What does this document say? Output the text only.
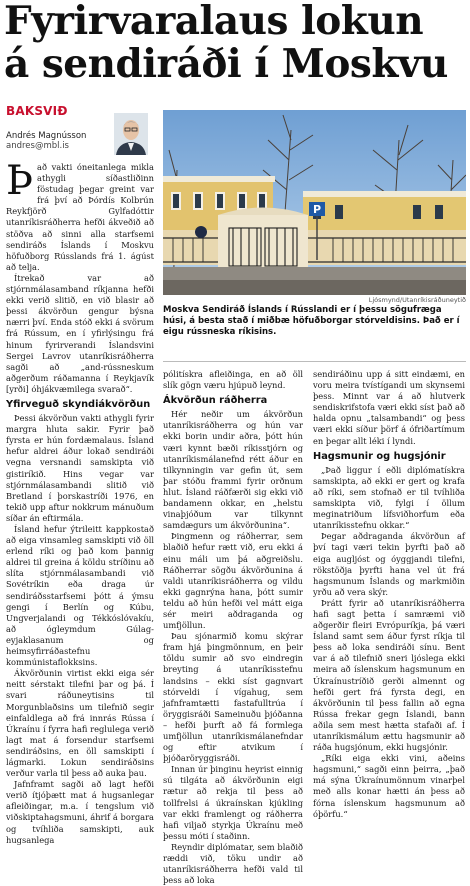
Fyrirvaralaus lokun
á sendiráði í Moskvu
BAKSVIÐ
Andrés Magnússon
andres@mbl.is

Það vakti óneitanlega mikla athygli síðastliðinn föstudag þegar greint var frá því að Þórdís Kolbrún Reykfjörð Gylfadóttir utanríkisráðherra hefði ákveðið að stöðva að sinni alla starfsemi sendiráðs Íslands í Moskvu höfuðborg Rússlands frá 1. ágúst að telja.

Ítrekað var að stjórnmálasamband ríkjanna hefði ekki verið slitið, en við blasir að þessi ákvörðun gengur býsna nærri því. Enda stóð ekki á svörum frá Rússum, en í yfirlýsingu frá hinum fyrirverandi Íslandsvini Sergei Lavrov utanríkisráðherra sagði að „and-rússneskum aðgerðum ráðamanna í Reykjavík [yrði] óhjákvæmilega svarað“.

Yfirveguð skyndiákvörðun

Þessi ákvörðun vakti athygli fyrir margra hluta sakir. Fyrir það fyrsta er hún fordæmalaus. Ísland hefur aldrei áður lokað sendiráði vegna versnandi samskipta við gistiríkið. Hins vegar var stjórnmálasambandi slitið við Bretland í þorskastríði 1976, en tekið upp aftur nokkrum mánuðum síðar án eftirmála.

Ísland hefur ýtrileitt kappkostað að eiga vinsamleg samskipti við öll erlend ríki og það kom þannig aldrei til greina á köldu stríðinu að slíta stjórnmálasambandi við Sovétríkin eða draga úr sendiráðsstarfsemi þótt á ýmsu gengi í Berlín og Kúbu, Ungverjalandi og Tékkóslóvakíu, að ógleymdum Gúlag-eyjaklasanum og heimsyfirráðastefnu kommúnistaflokksins.

Ákvörðunin virtist ekki eiga sér neitt sérstakt tilefni þar og þá. Í svari ráðuneytisins til Morgunblaðsins um tilefnið segir einfaldlega að frá innrás Rússa í Úkraínu í fyrra hafi reglulega verið lagt mat á forsendur starfsemi sendiráðsins, en öll samskipti í lágmarki. Lokun sendiráðsins verður varla til þess að auka þau.

Jafnframt sagði að lagt hefði verið ítjóþætt mat á hugsanlegar afleiðingar, m.a. í tengslum við viðskiptahagsmuni, áhrif á borgara og tvíhliða samskipti, auk hugsanlega

P
Ljósmynd/Utanríkisráðuneytið
Moskva Sendiráð Íslands í Rússlandi er í þessu sögufræga húsi, á besta stað í miðbæ höfuðborgar stórveldisins. Það er í eigu rússneska ríkisins.

pólitískra afleiðinga, en að öll slík gögn væru hjúpuð leynd.

Ákvörðun ráðherra

Hér neðir um ákvörðun utanríkisráðherra og hún var ekki borin undir aðra, þótt hún væri kynnt bæði ríkisstjórn og utanríkismálanefnd rétt áður en tilkynningin var gefin út, sem þar stóðu frammi fyrir orðnum hlut. Ísland ráðfærði sig ekki við bandamenn okkar, en „helstu vinaþjóðum var tilkynnt samdægurs um ákvörðunina“.

Þingmenn og ráðherrar, sem blaðið hefur rætt við, eru ekki á einu máli um þá aðgreiðslu. Ráðherrar sögðu ákvörðunina á valdi utanríkisráðherra og vildu ekki gagnrýna hana, þótt sumir teldu að hún hefði vel mátt eiga sér meiri aðdraganda og umfjöllun.

Þau sjónarmið komu skýrar fram hjá þingmönnum, en þeir töldu sumir að svo eindregin breyting á utanríkisstefnu landsins – ekki síst gagnvart stórveldi í vígahug, sem jafnframtætti fastafulltrúa í öryggisráði Sameinuðu þjóðanna – hefði þurft að fá formlega umfjöllun utanríkismálanefndar og eftir atvikum í þjóðaröryggisráði.

Innan úr þinginu heyrist einnig sú tilgáta að ákvörðunin eigi rætur að rekja til þess að tollfrelsi á úkraínskan kjúkling var ekki framlengt og ráðherra hafi viljað styrkja Úkraínu með þessu móti í staðinn.

Reyndir diplómatar, sem blaðið ræddi við, töku undir að utanríkisráðherra hefði vald til þess að loka

sendiráðinu upp á sitt eindæmi, en voru meira tvístígandi um skynsemi þess. Minnt var á að hlutverk sendiskrifstofa væri ekki síst það að halda opnu „talsambandi“ og þess væri ekki síður þörf á ófriðartímum en þegar allt léki í lyndi.

Hagsmunir og hugsjónir

„Það liggur í eðli diplómatískra samskipta, að ekki er gert og krafa að ríki, sem stofnað er til tvíhliða samskipta við, fylgi í öllum meginatriðum lífsviðhorfum eða utanríkisstefnu okkar.“

Þegar aðdraganda ákvörðun af því tagi væri tekin þyrfti það að eiga augljóst og óyggjandi tilefni, rökstöðja þyrfti hana vel út frá hagsmunum Íslands og markmiðin yrðu að vera skýr.

Þrátt fyrir að utanríkisráðherra hafi sagt þetta í samræmi við aðgerðir fleiri Evrópuríkja, þá væri Ísland samt sem áður fyrst ríkja til þess að loka sendiráði sínu. Bent var á að tilefnið sneri ljóslega ekki meira að íslenskum hagsmunum en Úkraínustríðið gerði almennt og hefði gert frá fyrsta degi, en ákvörðunin til þess fallin að egna Rússa frekar gegn Íslandi, bann aðila sem mest hætta stafaði af. Í utanríkismálum ættu hagsmunir að ráða hugsjónum, ekki hugsjónir.

„Ríki eiga ekki vini, aðeins hagsmuni,“ sagði einn þeirra, „það má sýna Úkraínumönnum vinarþel með alls konar hætti án þess að fórna íslenskum hagsmunum að óþörfu.“
